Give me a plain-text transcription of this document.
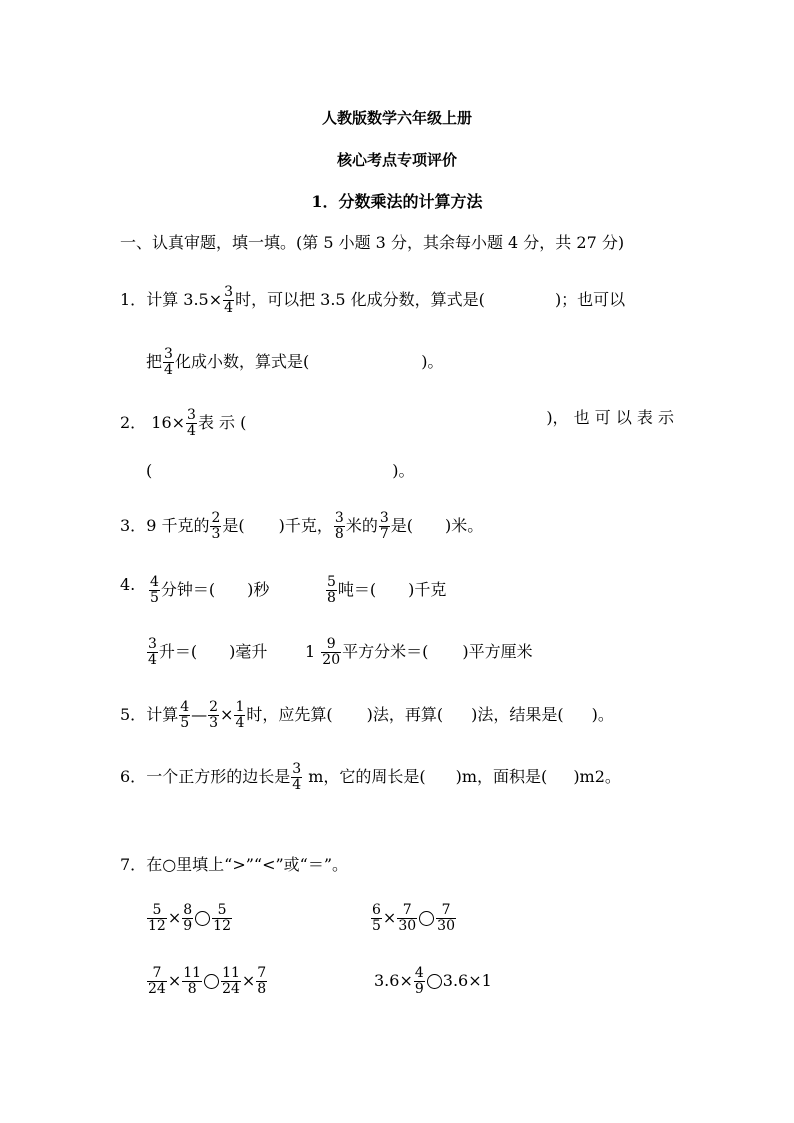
人教版数学六年级上册
核心考点专项评价
1．分数乘法的计算方法
一、认真审题，填一填。(第 5 小题 3 分，其余每小题 4 分，共 27 分)
1．计算 $3.5\times \frac{3}{4}$ 时，可以把 3.5 化成分数，算式是(	)；也可以
把 $\frac{3}{4}$ 化成小数，算式是(	)。
2． $16\times \frac{3}{4}$ 表 示 (	)， 也 可 以 表 示
(	)。
3．9 千克的 $\frac{2}{3}$ 是( )千克， $\frac{3}{8}$ 米的 $\frac{3}{7}$ 是( )米。
4. $\frac{4}{5}$ 分钟＝( )秒	$\frac{5}{8}$ 吨＝( )千克
$\frac{3}{4}$ 升＝( )毫升 $1 \frac{9}{20}$ 平方分米＝( )平方厘米
5．计算 $\frac{4}{5}$ — $\frac{2}{3} \times \frac{1}{4}$ 时，应先算( )法，再算( )法，结果是( )。
6．一个正方形的边长是 $\frac{3}{4}$ m，它的周长是( )m，面积是( )m2。
7．在○里填上“>”“<”或“＝”。
$\frac{5}{12} \times \frac{8}{9} \frac{5}{12}$	$\frac{6}{5} \times \frac{7}{30} \frac{7}{30}$
$\frac{7}{24} \times \frac{11}{8} \frac{11}{24} \times \frac{7}{8}$	$3.6\times \frac{4}{9} 3.6\times 1$
